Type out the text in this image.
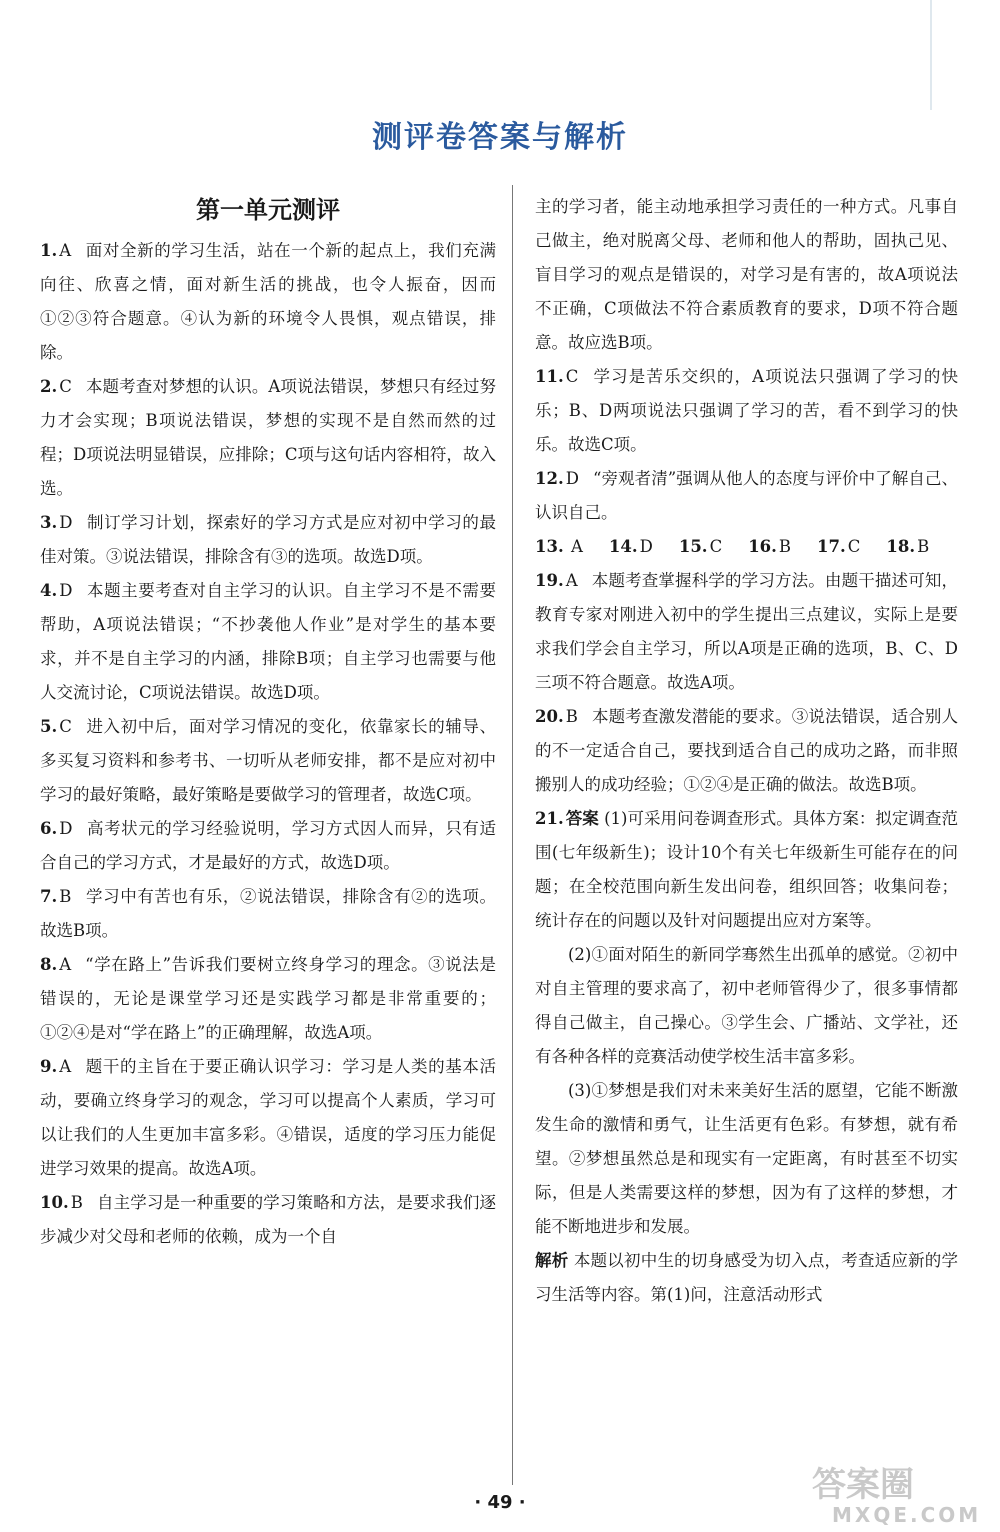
测评卷答案与解析
第一单元测评

1. A 面对全新的学习生活，站在一个新的起点上，我们充满向往、欣喜之情，面对新生活的挑战，也令人振奋，因而①②③符合题意。④认为新的环境令人畏惧，观点错误，排除。

2. C 本题考查对梦想的认识。A项说法错误，梦想只有经过努力才会实现；B项说法错误，梦想的实现不是自然而然的过程；D项说法明显错误，应排除；C项与这句话内容相符，故入选。

3. D 制订学习计划，探索好的学习方式是应对初中学习的最佳对策。③说法错误，排除含有③的选项。故选D项。

4. D 本题主要考查对自主学习的认识。自主学习不是不需要帮助，A项说法错误；“不抄袭他人作业”是对学生的基本要求，并不是自主学习的内涵，排除B项；自主学习也需要与他人交流讨论，C项说法错误。故选D项。

5. C 进入初中后，面对学习情况的变化，依靠家长的辅导、多买复习资料和参考书、一切听从老师安排，都不是应对初中学习的最好策略，最好策略是要做学习的管理者，故选C项。

6. D 高考状元的学习经验说明，学习方式因人而异，只有适合自己的学习方式，才是最好的方式，故选D项。

7. B 学习中有苦也有乐，②说法错误，排除含有②的选项。故选B项。

8. A “学在路上”告诉我们要树立终身学习的理念。③说法是错误的，无论是课堂学习还是实践学习都是非常重要的；①②④是对“学在路上”的正确理解，故选A项。

9. A 题干的主旨在于要正确认识学习：学习是人类的基本活动，要确立终身学习的观念，学习可以提高个人素质，学习可以让我们的人生更加丰富多彩。④错误，适度的学习压力能促进学习效果的提高。故选A项。

10. B 自主学习是一种重要的学习策略和方法，是要求我们逐步减少对父母和老师的依赖，成为一个自

主的学习者，能主动地承担学习责任的一种方式。凡事自己做主，绝对脱离父母、老师和他人的帮助，固执己见、盲目学习的观点是错误的，对学习是有害的，故A项说法不正确，C项做法不符合素质教育的要求，D项不符合题意。故应选B项。

11. C 学习是苦乐交织的，A项说法只强调了学习的快乐；B、D两项说法只强调了学习的苦，看不到学习的快乐。故选C项。

12. D “旁观者清”强调从他人的态度与评价中了解自己、认识自己。

13. A 14. D 15. C 16. B 17. C 18. B

19. A 本题考查掌握科学的学习方法。由题干描述可知，教育专家对刚进入初中的学生提出三点建议，实际上是要求我们学会自主学习，所以A项是正确的选项，B、C、D三项不符合题意。故选A项。

20. B 本题考查激发潜能的要求。③说法错误，适合别人的不一定适合自己，要找到适合自己的成功之路，而非照搬别人的成功经验；①②④是正确的做法。故选B项。

21. 答案 (1)可采用问卷调查形式。具体方案：拟定调查范围(七年级新生)；设计10个有关七年级新生可能存在的问题；在全校范围向新生发出问卷，组织回答；收集问卷；统计存在的问题以及针对问题提出应对方案等。

(2)①面对陌生的新同学骞然生出孤单的感觉。②初中对自主管理的要求高了，初中老师管得少了，很多事情都得自己做主，自己操心。③学生会、广播站、文学社，还有各种各样的竞赛活动使学校生活丰富多彩。

(3)①梦想是我们对未来美好生活的愿望，它能不断激发生命的激情和勇气，让生活更有色彩。有梦想，就有希望。②梦想虽然总是和现实有一定距离，有时甚至不切实际，但是人类需要这样的梦想，因为有了这样的梦想，才能不断地进步和发展。

解析 本题以初中生的切身感受为切入点，考查适应新的学习生活等内容。第(1)问，注意活动形式

· 49 ·	答案圈
MXQE.COM
